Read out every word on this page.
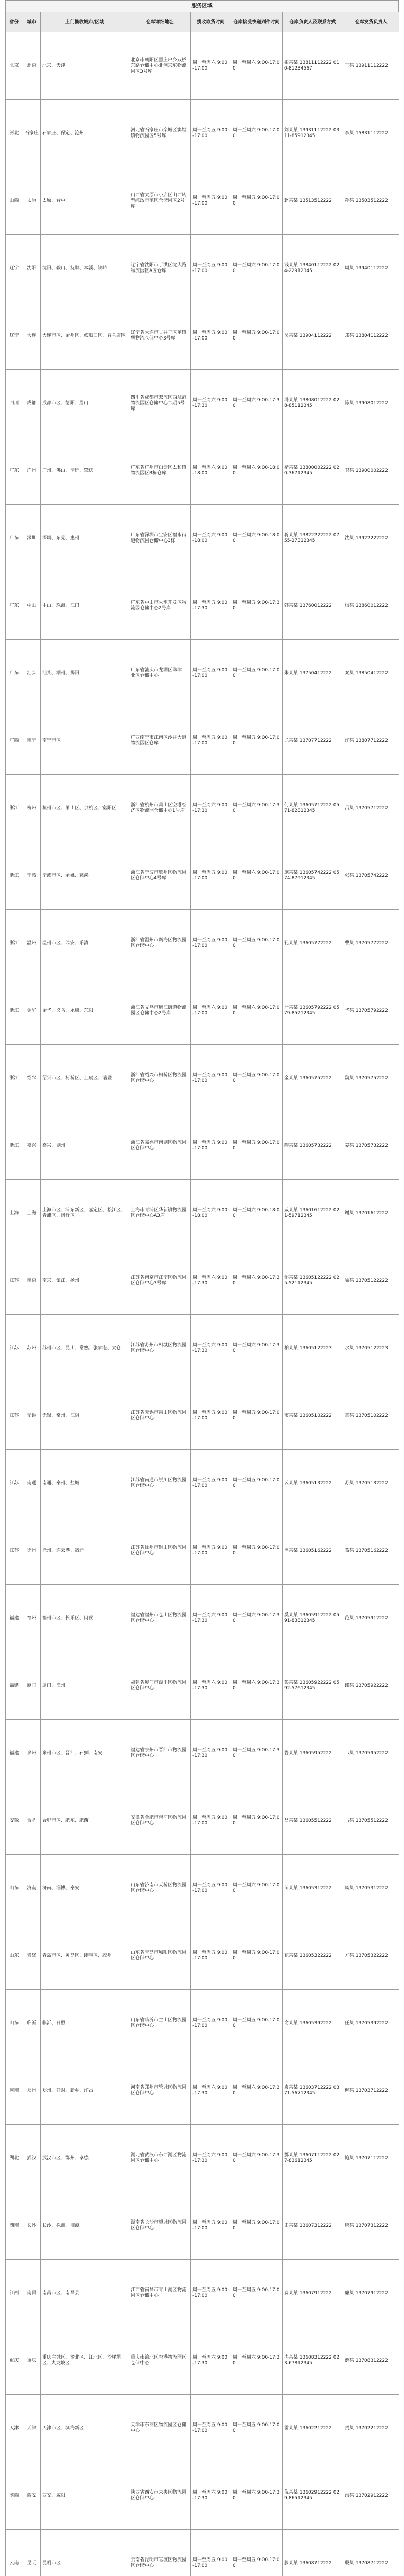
服务区域
省份	城市	上门揽收城市/区域	仓库详细地址	揽收取货时间	仓库接受快递到件时间	仓库负责人及联系方式	仓库发货负责人
北京	北京	北京、天津	北京市朝阳区黑庄户乡双桥东路仓储中心北侧京东物流园区3号库	周一至周六 9:00-17:00	周一至周六 9:00-17:00	张某某 13811112222 010-81234567	王某 13911112222
河北	石家庄	石家庄、保定、沧州	河北省石家庄市栾城区窦妪镇物流园区5号库	周一至周五 9:00-17:00	周一至周六 9:00-17:00	刘某某 13931112222 0311-85912345	李某 15831112222
山西	太原	太原、晋中	山西省太原市小店区山西转型综改示范区仓储园区2号库	周一至周五 9:00-17:00	周一至周五 9:00-17:00	赵某某 13513512222	孙某 13503512222
辽宁	沈阳	沈阳、鞍山、抚顺、本溪、铁岭	辽宁省沈阳市于洪区沈大路物流园区A区仓库	周一至周五 9:00-17:00	周一至周六 9:00-17:00	钱某某 13840112222 024-22912345	周某 13940112222
辽宁	大连	大连市区、金州区、旅顺口区、普兰店区	辽宁省大连市甘井子区革镇堡物流仓储中心3号库	周一至周五 9:00-17:00	周一至周五 9:00-17:00	吴某某 13904112222	郑某 13804112222
四川	成都	成都市区、德阳、眉山	四川省成都市双流区西航港物流园区仓储中心二期5号库	周一至周六 9:00-17:30	周一至周六 9:00-17:30	冯某某 13808012222 028-85112345	陈某 13908012222
广东	广州	广州、佛山、清远、肇庆	广东省广州市白云区太和镇物流园区B栋仓库	周一至周六 9:00-18:00	周一至周六 9:00-18:00	褚某某 13800002222 020-36712345	卫某 13900002222
广东	深圳	深圳、东莞、惠州	广东省深圳市宝安区福永街道物流园仓储中心3栋	周一至周六 9:00-18:00	周一至周六 9:00-18:00	蒋某某 13822222222 0755-27312345	沈某 13922222222
广东	中山	中山、珠海、江门	广东省中山市火炬开发区物流园仓储中心2号库	周一至周五 9:00-17:30	周一至周五 9:00-17:30	韩某某 13760012222	杨某 13860012222
广东	汕头	汕头、潮州、揭阳	广东省汕头市龙湖区珠津工业区仓储中心	周一至周五 9:00-17:00	周一至周五 9:00-17:00	朱某某 13750412222	秦某 13850412222
广西	南宁	南宁市区	广西南宁市江南区沙井大道物流园区仓库	周一至周五 9:00-17:00	周一至周五 9:00-17:00	尤某某 13707712222	许某 13807712222
浙江	杭州	杭州市区、萧山区、余杭区、富阳区	浙江省杭州市萧山区空港经济区物流园仓储中心1号库	周一至周六 9:00-17:30	周一至周六 9:00-17:30	何某某 13605712222 0571-82812345	吕某 13705712222
浙江	宁波	宁波市区、余姚、慈溪	浙江省宁波市鄞州区物流园区仓储中心4号库	周一至周五 9:00-17:00	周一至周六 9:00-17:00	施某某 13605742222 0574-87912345	张某 13705742222
浙江	温州	温州市区、瑞安、乐清	浙江省温州市瓯海区物流园区仓储中心	周一至周五 9:00-17:00	周一至周五 9:00-17:00	孔某某 13605772222	曹某 13705772222
浙江	金华	金华、义乌、永康、东阳	浙江省义乌市稠江街道物流园区仓储中心2号库	周一至周六 9:00-17:00	周一至周六 9:00-17:00	严某某 13605792222 0579-85212345	华某 13705792222
浙江	绍兴	绍兴市区、柯桥区、上虞区、诸暨	浙江省绍兴市柯桥区物流园区仓储中心	周一至周五 9:00-17:00	周一至周五 9:00-17:00	金某某 13605752222	魏某 13705752222
浙江	嘉兴	嘉兴、湖州	浙江省嘉兴市南湖区物流园区仓储中心	周一至周五 9:00-17:00	周一至周五 9:00-17:00	陶某某 13605732222	姜某 13705732222
上海	上海	上海市区、浦东新区、嘉定区、松江区、青浦区、闵行区	上海市青浦区华新镇物流园区仓储中心A3库	周一至周六 9:00-18:00	周一至周六 9:00-18:00	戚某某 13601612222 021-59712345	谢某 13701612222
江苏	南京	南京、镇江、扬州	江苏省南京市江宁区物流园区仓储中心3号库	周一至周六 9:00-17:30	周一至周六 9:00-17:30	邹某某 13605122222 025-52112345	喻某 13705122222
江苏	苏州	苏州市区、昆山、常熟、张家港、太仓	江苏省苏州市相城区物流园区仓储中心	周一至周六 9:00-17:30	周一至周六 9:00-17:30	柏某某 13605122223	水某 13705122223
江苏	无锡	无锡、常州、江阴	江苏省无锡市惠山区物流园区仓储中心	周一至周五 9:00-17:00	周一至周五 9:00-17:00	窦某某 13605102222	章某 13705102222
江苏	南通	南通、泰州、盐城	江苏省南通市崇川区物流园区仓储中心	周一至周五 9:00-17:00	周一至周五 9:00-17:00	云某某 13605132222	苏某 13705132222
江苏	徐州	徐州、连云港、宿迁	江苏省徐州市铜山区物流园区仓储中心	周一至周五 9:00-17:00	周一至周五 9:00-17:00	潘某某 13605162222	葛某 13705162222
福建	福州	福州市区、长乐区、闽侯	福建省福州市仓山区物流园区仓储中心	周一至周六 9:00-17:30	周一至周六 9:00-17:30	奚某某 13605912222 0591-83812345	范某 13705912222
福建	厦门	厦门、漳州	福建省厦门市湖里区物流园区仓储中心	周一至周六 9:00-17:30	周一至周六 9:00-17:30	彭某某 13605922222 0592-57612345	郎某 13705922222
福建	泉州	泉州市区、晋江、石狮、南安	福建省泉州市晋江市物流园区仓储中心	周一至周五 9:00-17:30	周一至周五 9:00-17:30	鲁某某 13605952222	韦某 13705952222
安徽	合肥	合肥市区、肥东、肥西	安徽省合肥市包河区物流园区仓储中心	周一至周五 9:00-17:00	周一至周五 9:00-17:00	昌某某 13605512222	马某 13705512222
山东	济南	济南、淄博、泰安	山东省济南市天桥区物流园区仓储中心	周一至周五 9:00-17:00	周一至周六 9:00-17:00	苗某某 13605312222	凤某 13705312222
山东	青岛	青岛市区、黄岛区、即墨区、胶州	山东省青岛市城阳区物流园区仓储中心	周一至周五 9:00-17:00	周一至周五 9:00-17:00	花某某 13605322222	方某 13705322222
山东	临沂	临沂、日照	山东省临沂市兰山区物流园区仓储中心	周一至周五 9:00-17:00	周一至周五 9:00-17:00	俞某某 13605392222	任某 13705392222
河南	郑州	郑州、开封、新乡、许昌	河南省郑州市管城区物流园区仓储中心	周一至周六 9:00-17:30	周一至周六 9:00-17:30	袁某某 13603712222 0371-56712345	柳某 13703712222
湖北	武汉	武汉市区、鄂州、孝感	湖北省武汉市东西湖区物流园区仓储中心	周一至周六 9:00-17:30	周一至周六 9:00-17:30	酆某某 13607112222 027-83612345	鲍某 13707112222
湖南	长沙	长沙、株洲、湘潭	湖南省长沙市望城区物流园区仓储中心	周一至周五 9:00-17:00	周一至周五 9:00-17:00	史某某 13607312222	唐某 13707312222
江西	南昌	南昌市区、南昌县	江西省南昌市青山湖区物流园区仓储中心	周一至周五 9:00-17:00	周一至周五 9:00-17:00	费某某 13607912222	廉某 13707912222
重庆	重庆	重庆主城区、渝北区、江北区、沙坪坝区、九龙坡区	重庆市渝北区空港物流园区仓储中心	周一至周六 9:00-17:30	周一至周六 9:00-17:30	岑某某 13608312222 023-67812345	薛某 13708312222
天津	天津	天津市区、滨海新区	天津市东丽区物流园区仓储中心	周一至周五 9:00-17:00	周一至周五 9:00-17:00	雷某某 13602212222	贺某 13702212222
陕西	西安	西安、咸阳	陕西省西安市未央区物流园区仓储中心	周一至周六 9:00-17:30	周一至周六 9:00-17:30	倪某某 13602912222 029-86512345	汤某 13702912222
云南	昆明	昆明市区	云南省昆明市官渡区物流园区仓储中心	周一至周五 9:00-17:00	周一至周五 9:00-17:00	滕某某 13608712222	殷某 13708712222
